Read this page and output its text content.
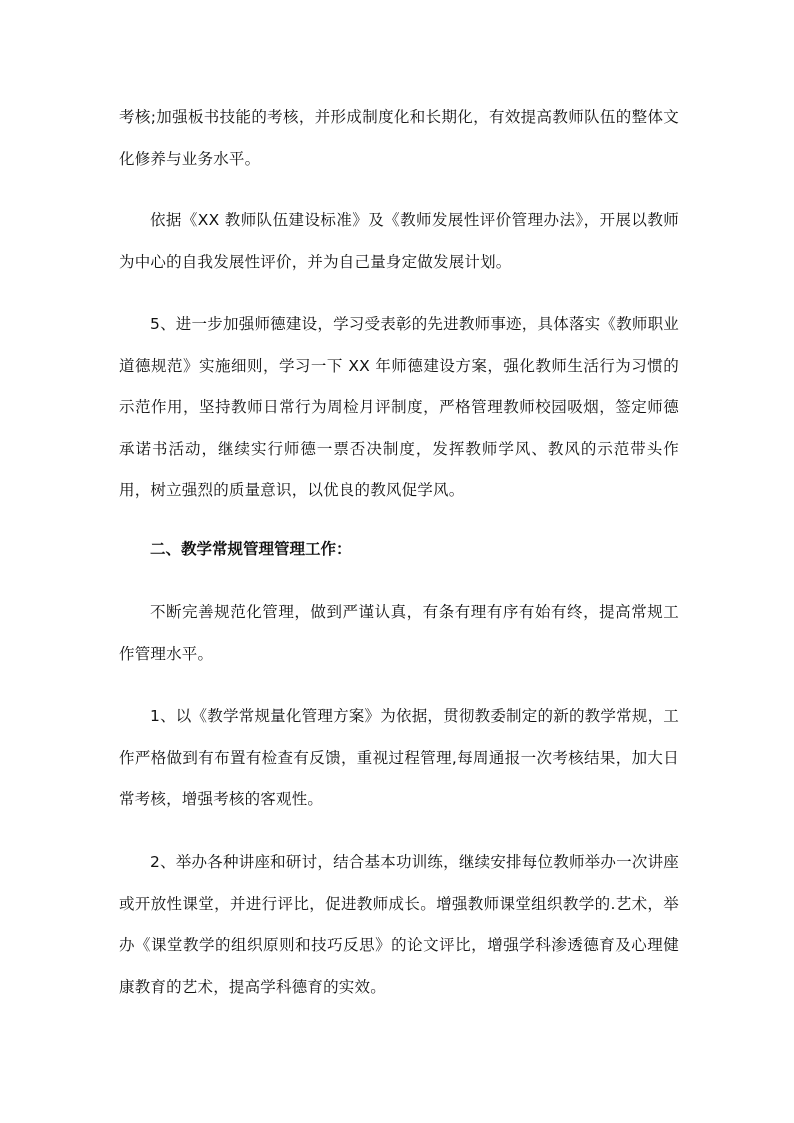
考核;加强板书技能的考核，并形成制度化和长期化，有效提高教师队伍的整体文化修养与业务水平。

依据《XX 教师队伍建设标准》及《教师发展性评价管理办法》，开展以教师为中心的自我发展性评价，并为自己量身定做发展计划。

5、进一步加强师德建设，学习受表彰的先进教师事迹，具体落实《教师职业道德规范》实施细则，学习一下 XX 年师德建设方案，强化教师生活行为习惯的示范作用，坚持教师日常行为周检月评制度，严格管理教师校园吸烟，签定师德承诺书活动，继续实行师德一票否决制度，发挥教师学风、教风的示范带头作用，树立强烈的质量意识，以优良的教风促学风。

二、教学常规管理管理工作：

不断完善规范化管理，做到严谨认真，有条有理有序有始有终，提高常规工作管理水平。

1、以《教学常规量化管理方案》为依据，贯彻教委制定的新的教学常规，工作严格做到有布置有检查有反馈，重视过程管理,每周通报一次考核结果，加大日常考核，增强考核的客观性。

2、举办各种讲座和研讨，结合基本功训练，继续安排每位教师举办一次讲座或开放性课堂，并进行评比，促进教师成长。增强教师课堂组织教学的.艺术，举办《课堂教学的组织原则和技巧反思》的论文评比，增强学科渗透德育及心理健康教育的艺术，提高学科德育的实效。
